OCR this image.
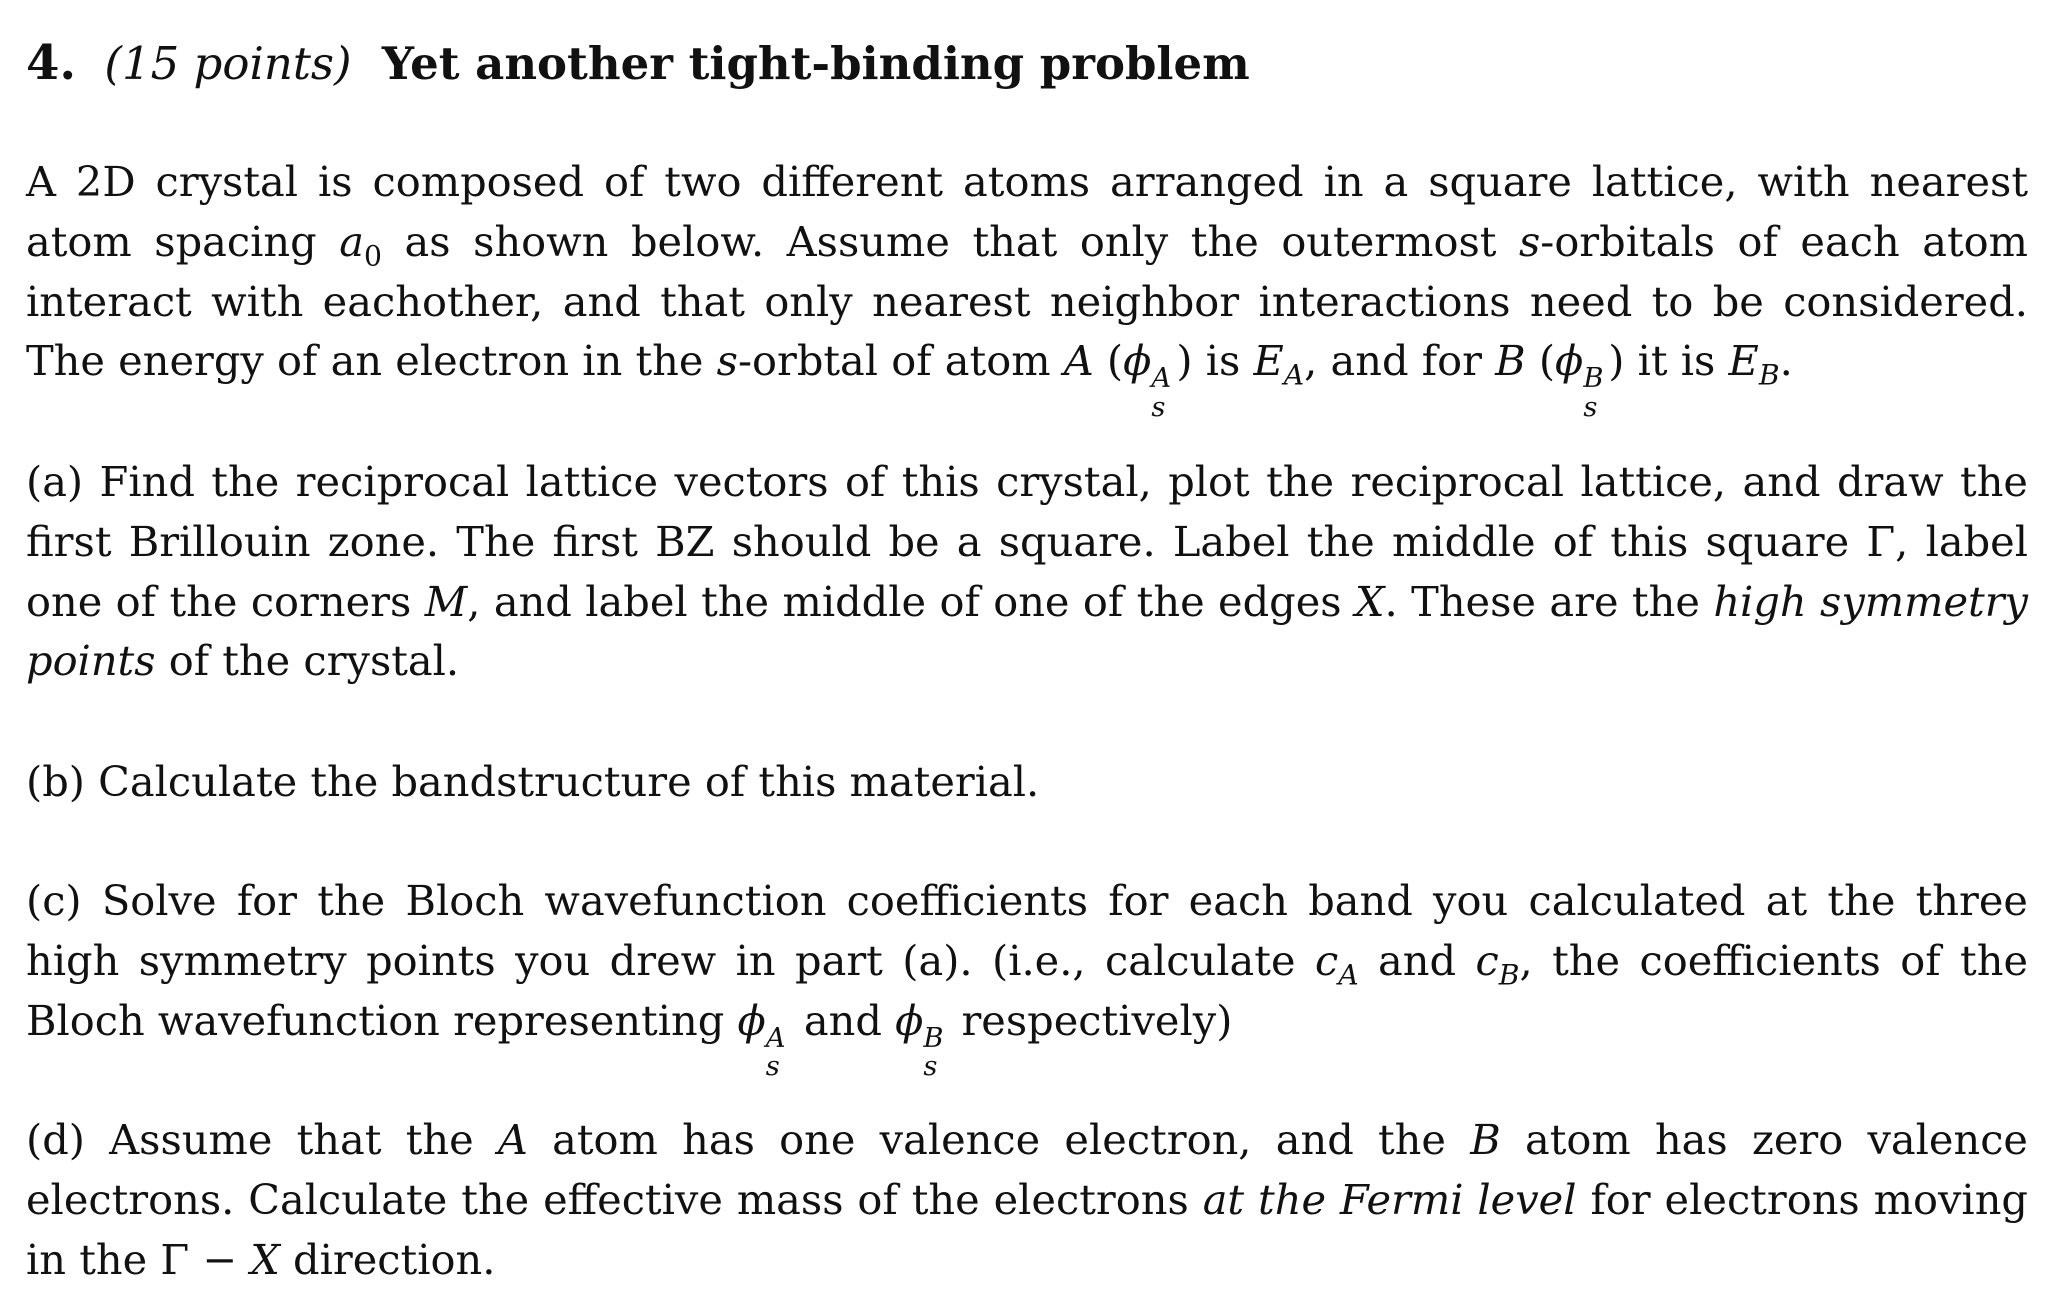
4. (15 points) Yet another tight-binding problem

A 2D crystal is composed of two different atoms arranged in a square lattice, with nearest atom spacing $a_0$ as shown below. Assume that only the outermost s-orbitals of each atom interact with eachother, and that only nearest neighbor interactions need to be considered. The energy of an electron in the s-orbtal of atom A (ϕ A
s
) is $E_A$, and for B (ϕ B
s
) it is $E_B$.

(a) Find the reciprocal lattice vectors of this crystal, plot the reciprocal lattice, and draw the first Brillouin zone. The first BZ should be a square. Label the middle of this square Γ, label one of the corners M, and label the middle of one of the edges X. These are the high symmetry points of the crystal.

(b) Calculate the bandstructure of this material.

(c) Solve for the Bloch wavefunction coefficients for each band you calculated at the three high symmetry points you drew in part (a). (i.e., calculate $c_A$ and $c_B$, the coefficients of the Bloch wavefunction representing ϕ A
s
and ϕ B
s
respectively)

(d) Assume that the A atom has one valence electron, and the B atom has zero valence electrons. Calculate the effective mass of the electrons at the Fermi level for electrons moving in the Γ − X direction.
